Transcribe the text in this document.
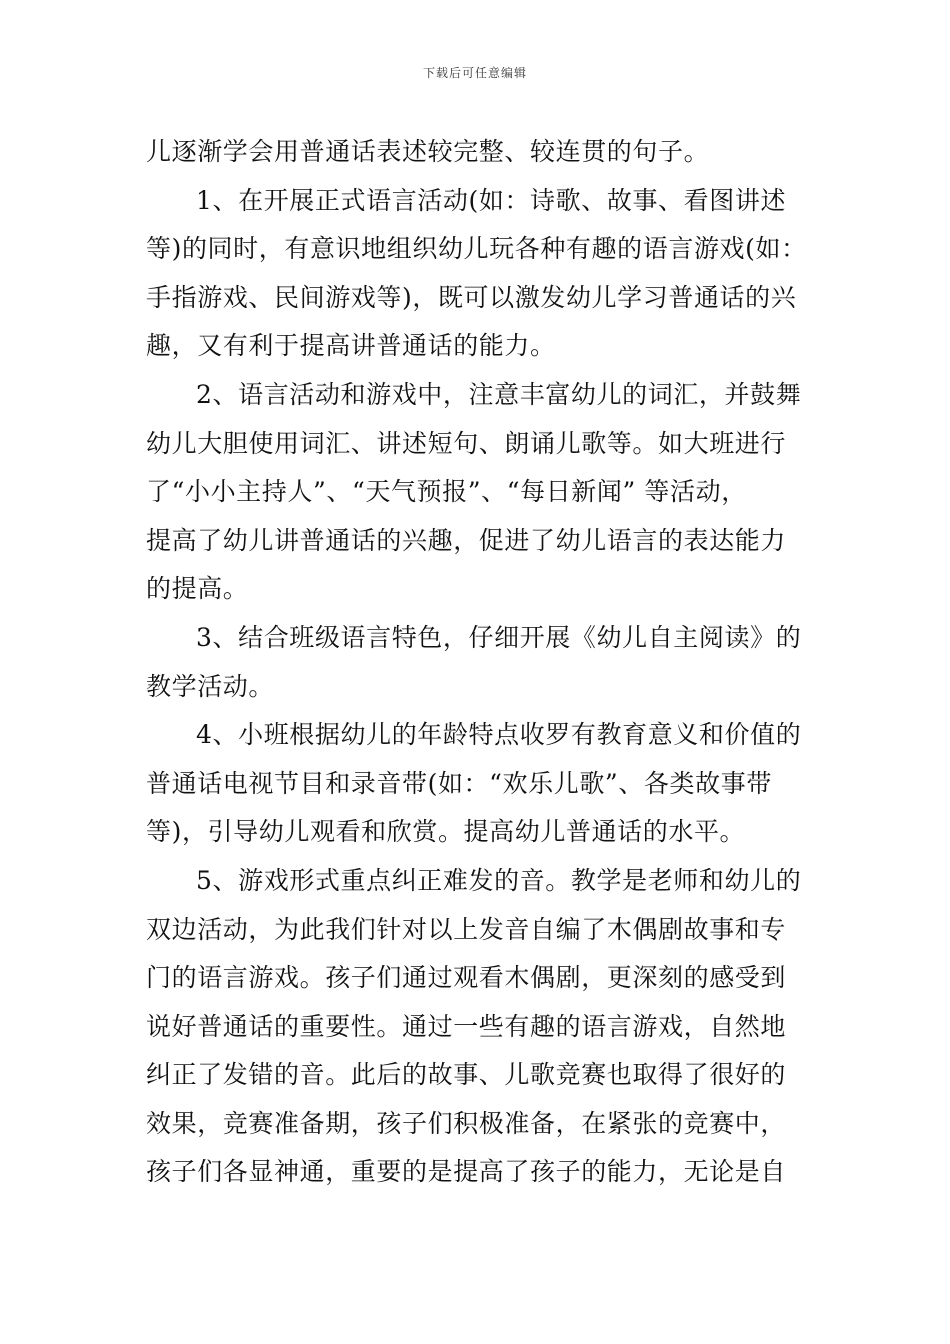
下载后可任意编辑
儿逐渐学会用普通话表述较完整、较连贯的句子。
1、在开展正式语言活动(如：诗歌、故事、看图讲述
等)的同时，有意识地组织幼儿玩各种有趣的语言游戏(如：
手指游戏、民间游戏等)，既可以激发幼儿学习普通话的兴
趣，又有利于提高讲普通话的能力。
2、语言活动和游戏中，注意丰富幼儿的词汇，并鼓舞
幼儿大胆使用词汇、讲述短句、朗诵儿歌等。如大班进行
了“小小主持人”、“天气预报”、“每日新闻” 等活动，
提高了幼儿讲普通话的兴趣，促进了幼儿语言的表达能力
的提高。
3、结合班级语言特色，仔细开展《幼儿自主阅读》的
教学活动。
4、小班根据幼儿的年龄特点收罗有教育意义和价值的
普通话电视节目和录音带(如：“欢乐儿歌”、各类故事带
等)，引导幼儿观看和欣赏。提高幼儿普通话的水平。
5、游戏形式重点纠正难发的音。教学是老师和幼儿的
双边活动，为此我们针对以上发音自编了木偶剧故事和专
门的语言游戏。孩子们通过观看木偶剧，更深刻的感受到
说好普通话的重要性。通过一些有趣的语言游戏，自然地
纠正了发错的音。此后的故事、儿歌竞赛也取得了很好的
效果，竞赛准备期，孩子们积极准备，在紧张的竞赛中，
孩子们各显神通，重要的是提高了孩子的能力，无论是自
